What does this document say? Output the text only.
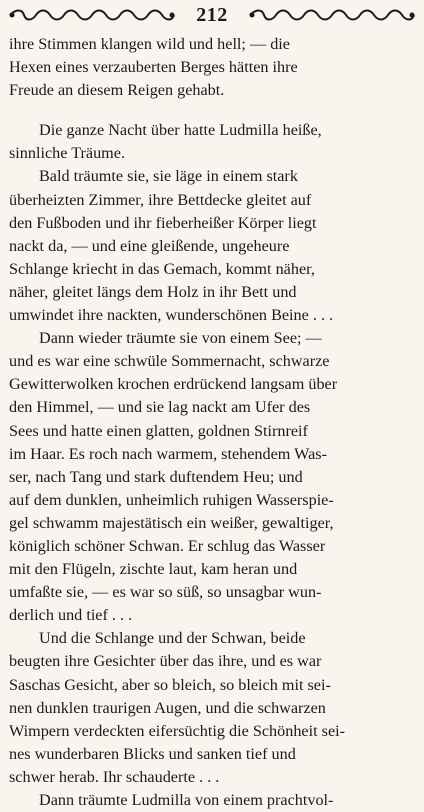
212
ihre Stimmen klangen wild und hell; — die
Hexen eines verzauberten Berges hätten ihre
Freude an diesem Reigen gehabt.
Die ganze Nacht über hatte Ludmilla heiße,
sinnliche Träume.
Bald träumte sie, sie läge in einem stark
überheizten Zimmer, ihre Bettdecke gleitet auf
den Fußboden und ihr fieberheißer Körper liegt
nackt da, — und eine gleißende, ungeheure
Schlange kriecht in das Gemach, kommt näher,
näher, gleitet längs dem Holz in ihr Bett und
umwindet ihre nackten, wunderschönen Beine . . .
Dann wieder träumte sie von einem See; —
und es war eine schwüle Sommernacht, schwarze
Gewitterwolken krochen erdrückend langsam über
den Himmel, — und sie lag nackt am Ufer des
Sees und hatte einen glatten, goldnen Stirnreif
im Haar. Es roch nach warmem, stehendem Was-
ser, nach Tang und stark duftendem Heu; und
auf dem dunklen, unheimlich ruhigen Wasserspie-
gel schwamm majestätisch ein weißer, gewaltiger,
königlich schöner Schwan. Er schlug das Wasser
mit den Flügeln, zischte laut, kam heran und
umfaßte sie, — es war so süß, so unsagbar wun-
derlich und tief . . .
Und die Schlange und der Schwan, beide
beugten ihre Gesichter über das ihre, und es war
Saschas Gesicht, aber so bleich, so bleich mit sei-
nen dunklen traurigen Augen, und die schwarzen
Wimpern verdeckten eifersüchtig die Schönheit sei-
nes wunderbaren Blicks und sanken tief und
schwer herab. Ihr schauderte . . .
Dann träumte Ludmilla von einem prachtvol-
